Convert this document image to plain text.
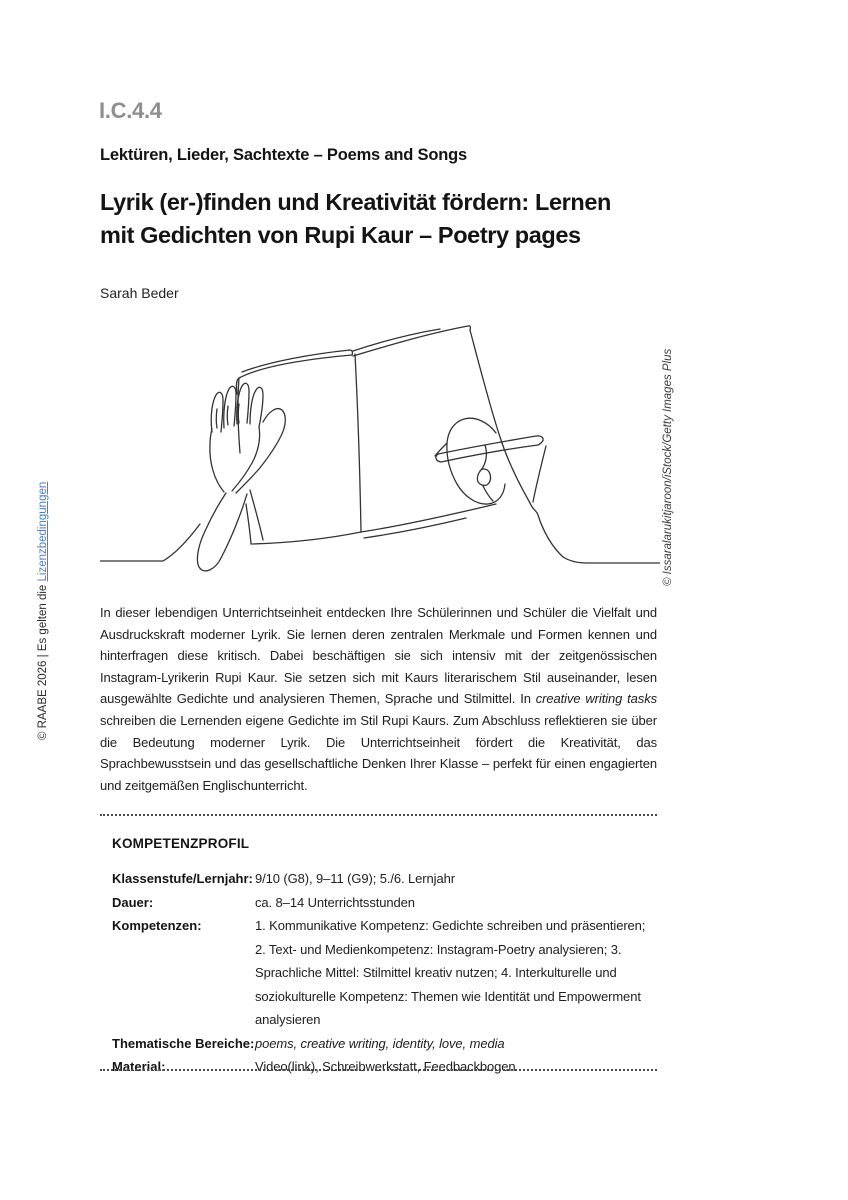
I.C.4.4
Lektüren, Lieder, Sachtexte – Poems and Songs
Lyrik (er-)finden und Kreativität fördern: Lernen
mit Gedichten von Rupi Kaur – Poetry pages
Sarah Beder
© Issaralarukitjaroon/iStock/Getty Images Plus
© RAABE 2026 | Es gelten die Lizenzbedingungen

In dieser lebendigen Unterrichtseinheit entdecken Ihre Schülerinnen und Schüler die Vielfalt und Ausdruckskraft moderner Lyrik. Sie lernen deren zentralen Merkmale und Formen kennen und hinterfragen diese kritisch. Dabei beschäftigen sie sich intensiv mit der zeitgenössischen Instagram-Lyrikerin Rupi Kaur. Sie setzen sich mit Kaurs literarischem Stil auseinander, lesen ausgewählte Gedichte und analysieren Themen, Sprache und Stilmittel. In creative writing tasks schreiben die Lernenden eigene Gedichte im Stil Rupi Kaurs. Zum Abschluss reflektieren sie über die Bedeutung moderner Lyrik. Die Unterrichtseinheit fördert die Kreativität, das Sprachbewusstsein und das gesellschaftliche Denken Ihrer Klasse – perfekt für einen engagierten und zeitgemäßen Englischunterricht.

KOMPETENZPROFIL
Klassenstufe/Lernjahr: 9/10 (G8), 9–11 (G9); 5./6. Lernjahr
Dauer:	ca. 8–14 Unterrichtsstunden
Kompetenzen:	1. Kommunikative Kompetenz: Gedichte schreiben und präsentieren; 2. Text- und Medienkompetenz: Instagram-Poetry analysieren; 3. Sprachliche Mittel: Stilmittel kreativ nutzen; 4. Interkulturelle und soziokulturelle Kompetenz: Themen wie Identität und Empowerment analysieren
Thematische Bereiche: poems, creative writing, identity, love, media
Material:	Video(link), Schreibwerkstatt, Feedbackbogen
